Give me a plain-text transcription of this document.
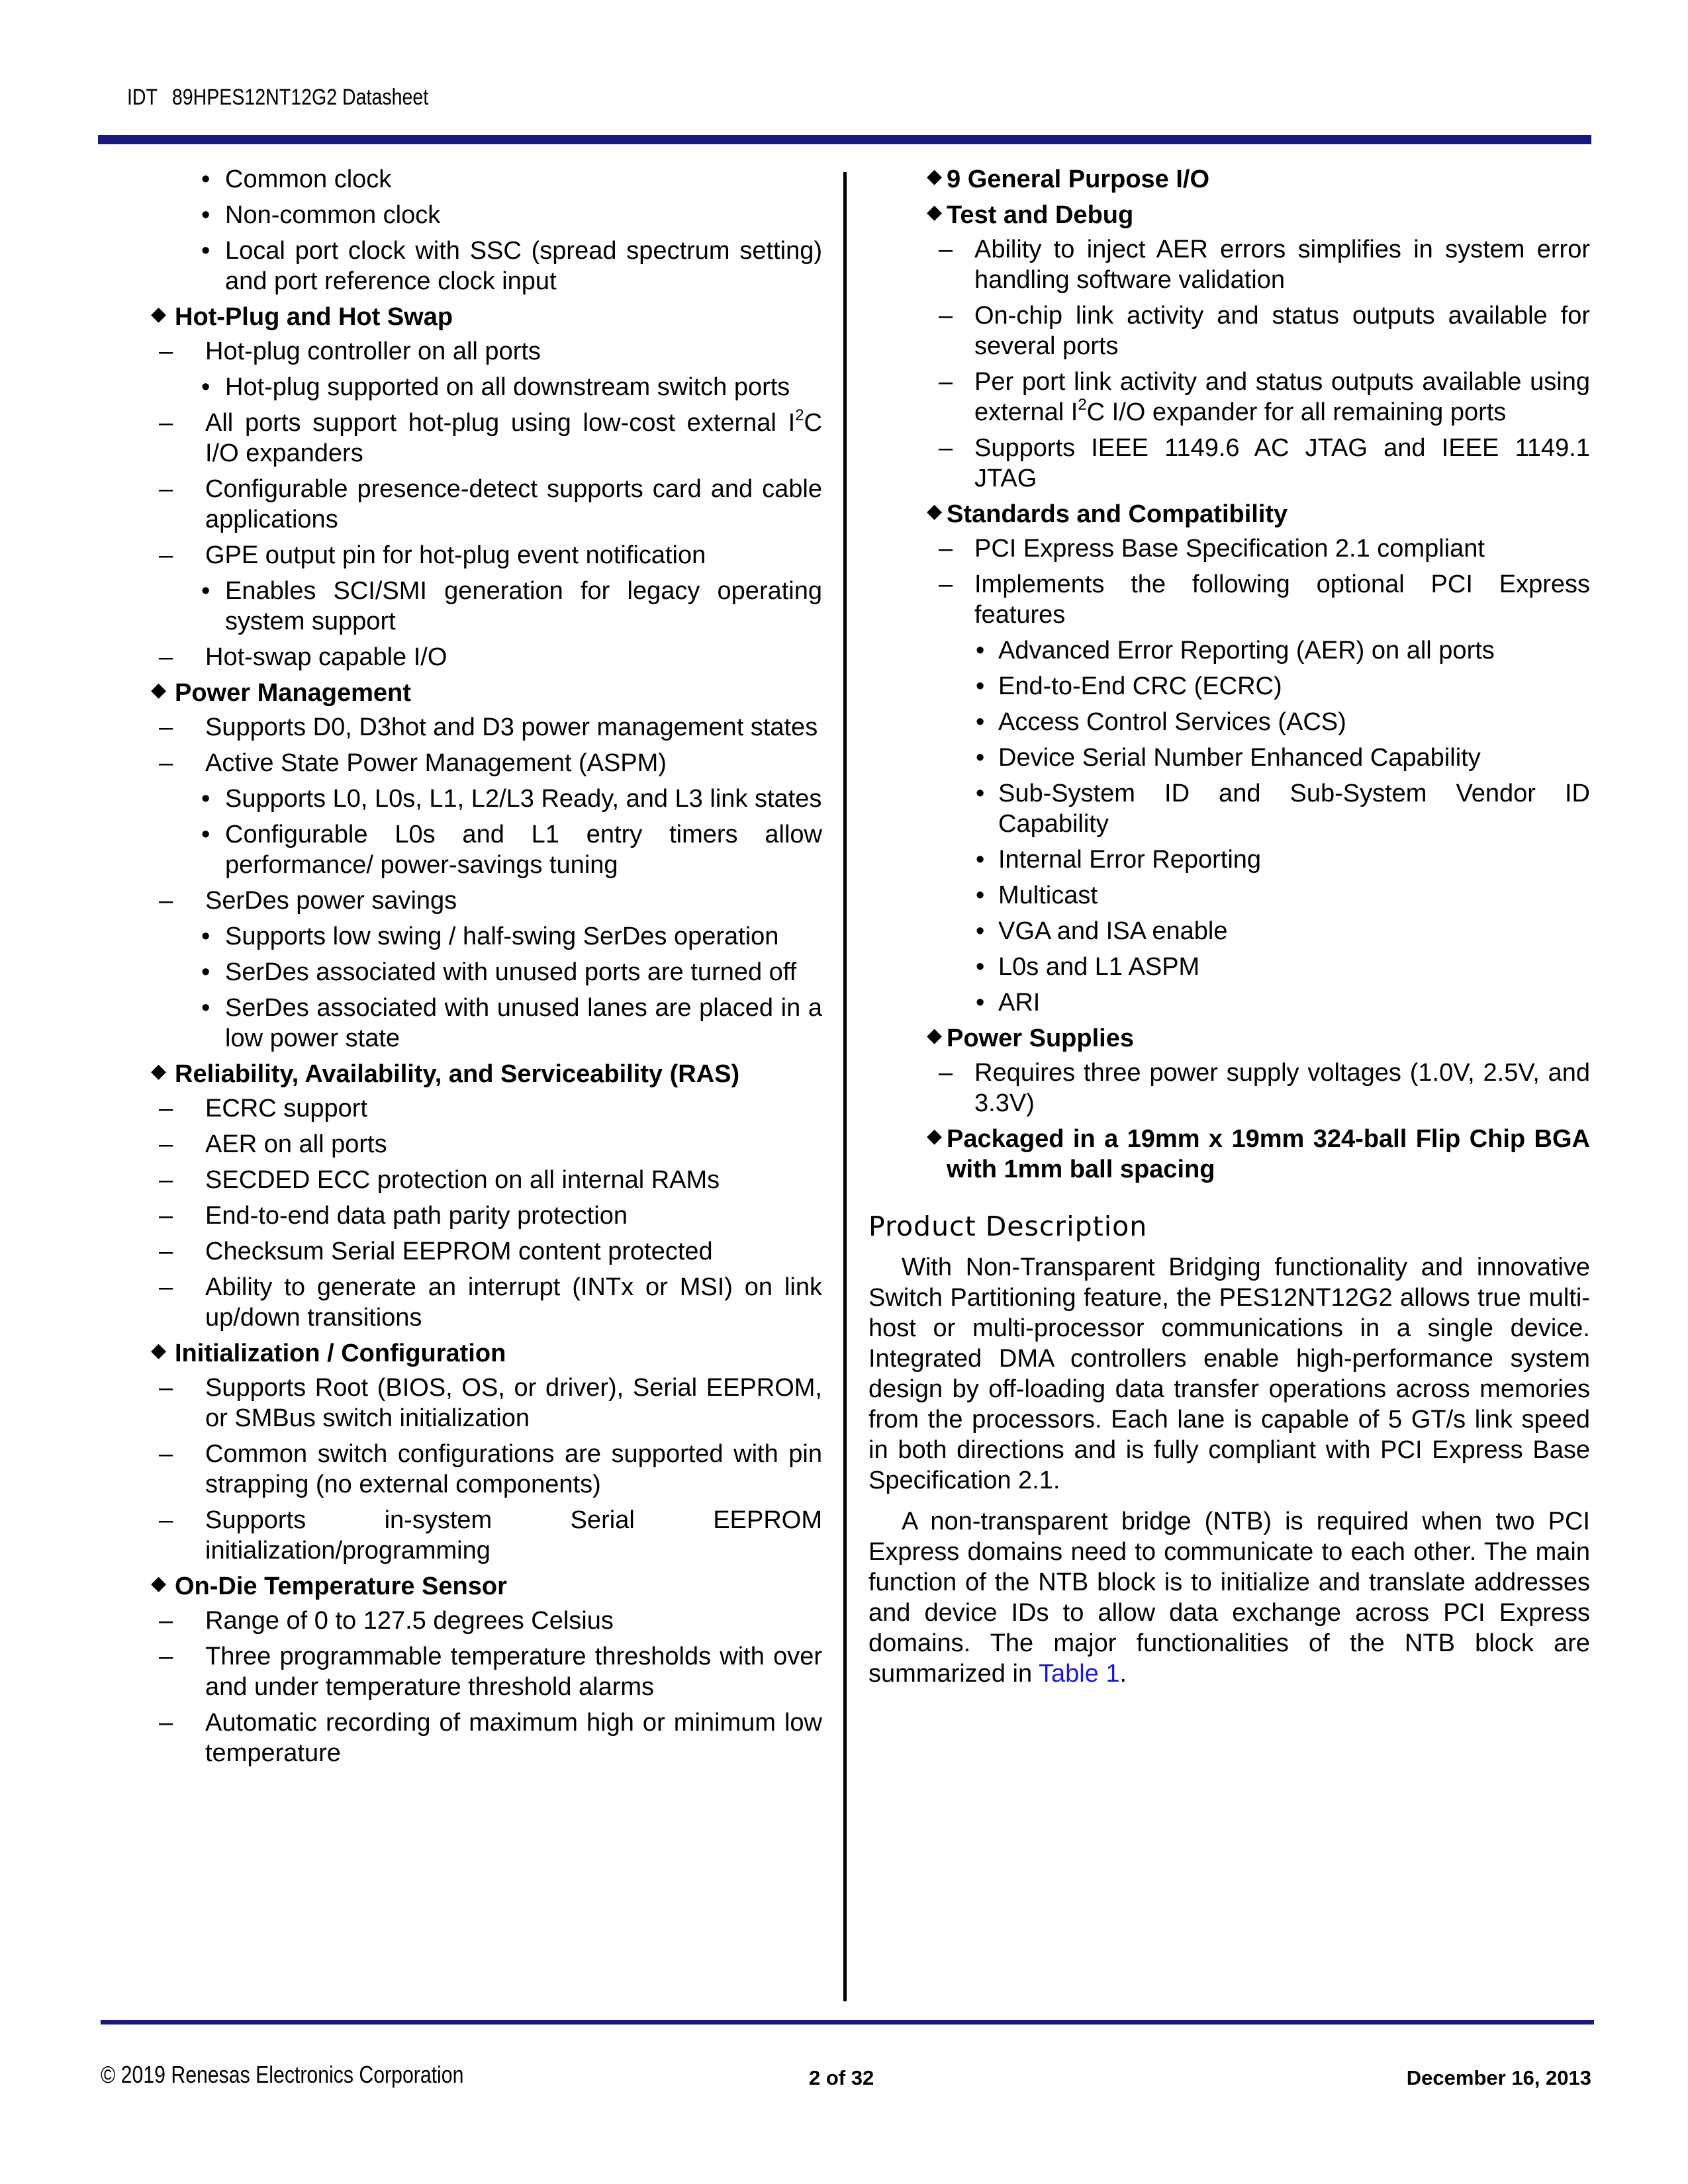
IDT 89HPES12NT12G2 Datasheet

• Common clock

• Non-common clock

• Local port clock with SSC (spread spectrum setting) and port reference clock input

◆ Hot-Plug and Hot Swap

– Hot-plug controller on all ports

• Hot-plug supported on all downstream switch ports

– All ports support hot-plug using low-cost external $I^2C$ I/O expanders

– Configurable presence-detect supports card and cable applications

– GPE output pin for hot-plug event notification

• Enables SCI/SMI generation for legacy operating system support

– Hot-swap capable I/O

◆ Power Management

– Supports D0, D3hot and D3 power management states

– Active State Power Management (ASPM)

• Supports L0, L0s, L1, L2/L3 Ready, and L3 link states

• Configurable L0s and L1 entry timers allow performance/ power-savings tuning

– SerDes power savings

• Supports low swing / half-swing SerDes operation

• SerDes associated with unused ports are turned off

• SerDes associated with unused lanes are placed in a low power state

◆ Reliability, Availability, and Serviceability (RAS)

– ECRC support

– AER on all ports

– SECDED ECC protection on all internal RAMs

– End-to-end data path parity protection

– Checksum Serial EEPROM content protected

– Ability to generate an interrupt (INTx or MSI) on link up/down transitions

◆ Initialization / Configuration

– Supports Root (BIOS, OS, or driver), Serial EEPROM, or SMBus switch initialization

– Common switch configurations are supported with pin strapping (no external components)

– Supports in-system Serial EEPROM initialization/programming

◆ On-Die Temperature Sensor

– Range of 0 to 127.5 degrees Celsius

– Three programmable temperature thresholds with over and under temperature threshold alarms

– Automatic recording of maximum high or minimum low temperature

◆ 9 General Purpose I/O

◆ Test and Debug

– Ability to inject AER errors simplifies in system error handling software validation

– On-chip link activity and status outputs available for several ports

– Per port link activity and status outputs available using external $I^2C$ I/O expander for all remaining ports

– Supports IEEE 1149.6 AC JTAG and IEEE 1149.1 JTAG

◆ Standards and Compatibility

– PCI Express Base Specification 2.1 compliant

– Implements the following optional PCI Express features

• Advanced Error Reporting (AER) on all ports

• End-to-End CRC (ECRC)

• Access Control Services (ACS)

• Device Serial Number Enhanced Capability

• Sub-System ID and Sub-System Vendor ID Capability

• Internal Error Reporting

• Multicast

• VGA and ISA enable

• L0s and L1 ASPM

• ARI

◆ Power Supplies

– Requires three power supply voltages (1.0V, 2.5V, and 3.3V)

◆ Packaged in a 19mm x 19mm 324-ball Flip Chip BGA with 1mm ball spacing

Product Description

With Non-Transparent Bridging functionality and innovative Switch Partitioning feature, the PES12NT12G2 allows true multi-host or multi-processor communications in a single device. Integrated DMA controllers enable high-performance system design by off-loading data transfer operations across memories from the processors. Each lane is capable of 5 GT/s link speed in both directions and is fully compliant with PCI Express Base Specification 2.1.

A non-transparent bridge (NTB) is required when two PCI Express domains need to communicate to each other. The main function of the NTB block is to initialize and translate addresses and device IDs to allow data exchange across PCI Express domains. The major functionalities of the NTB block are summarized in Table 1.

© 2019 Renesas Electronics Corporation	2 of 32	December 16, 2013
